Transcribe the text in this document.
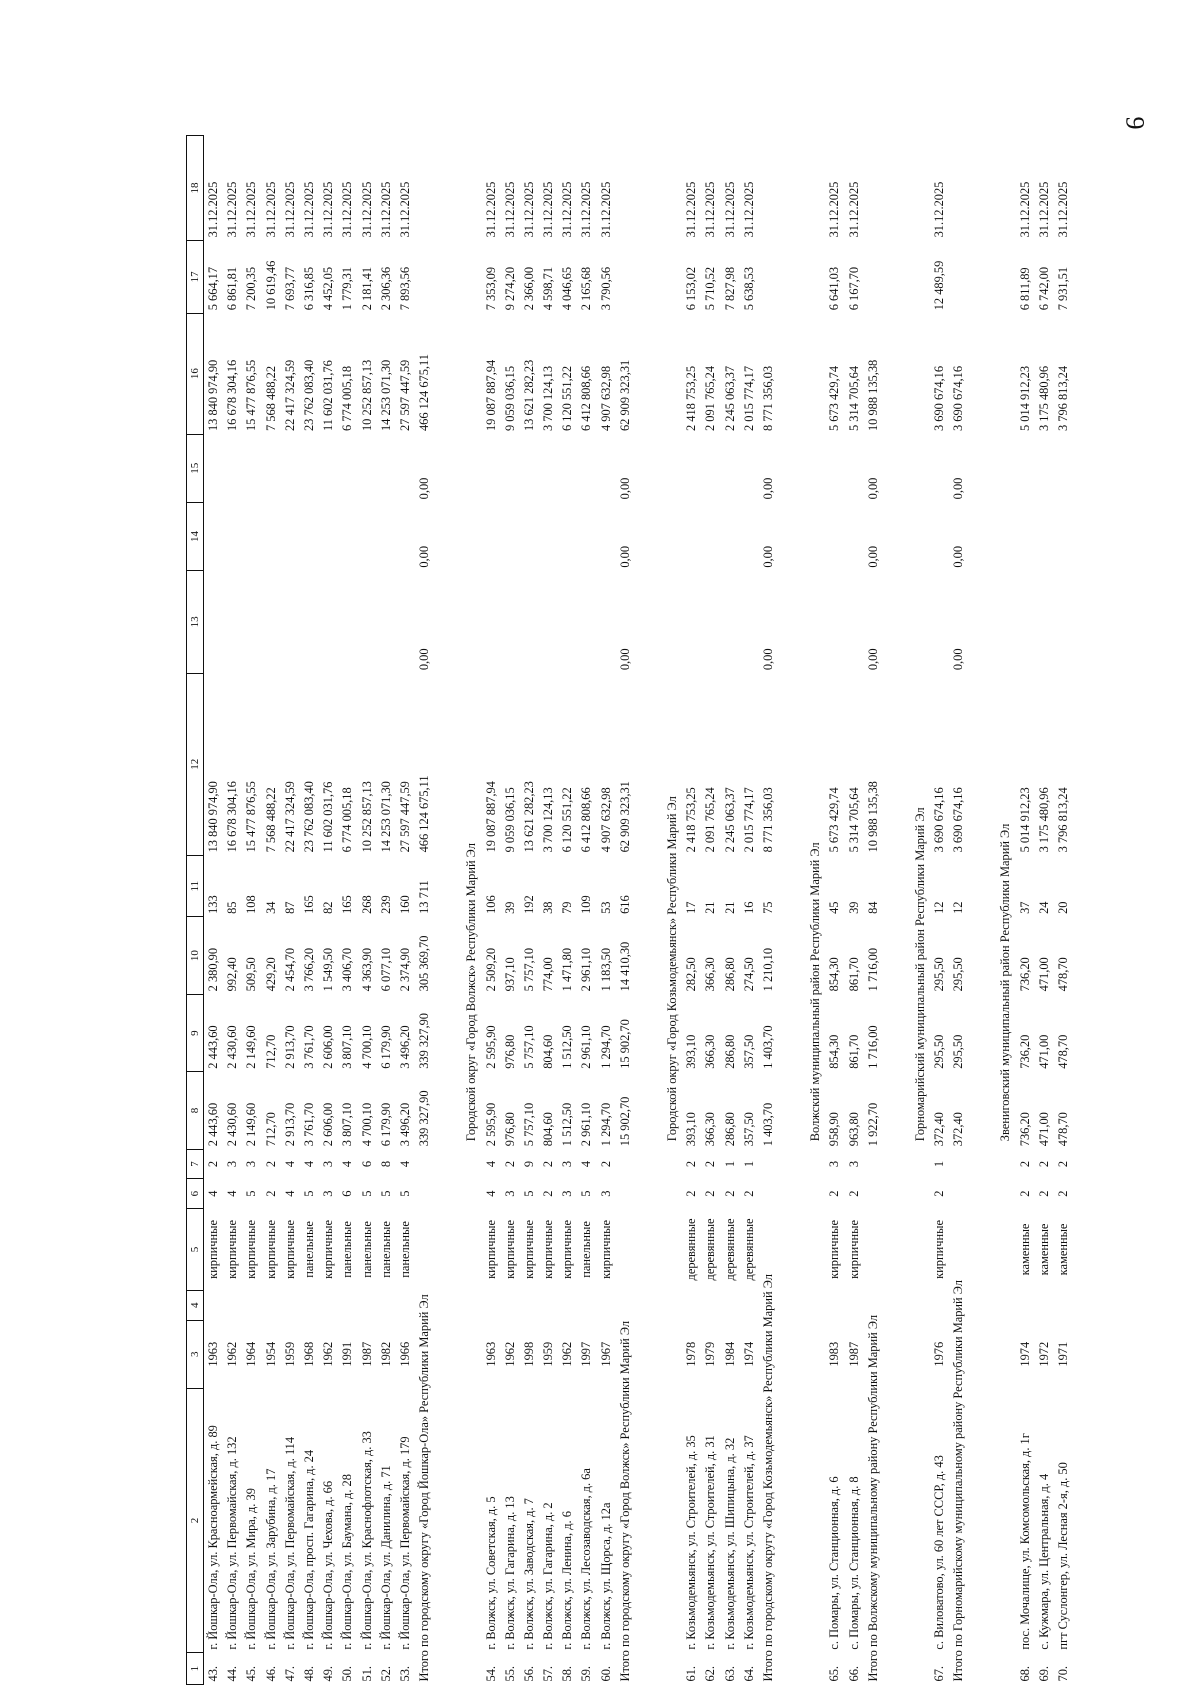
9
1	2	3	4	5	6	7	8	9	10	11	12	13	14	15	16	17	18
43.	г. Йошкар-Ола, ул. Красноармейская, д. 89	1963		кирпичные	4	2	2 443,60	2 443,60	2 380,90	133	13 840 974,90				13 840 974,90	5 664,17	31.12.2025
44.	г. Йошкар-Ола, ул. Первомайская, д. 132	1962		кирпичные	4	3	2 430,60	2 430,60	992,40	85	16 678 304,16				16 678 304,16	6 861,81	31.12.2025
45.	г. Йошкар-Ола, ул. Мира, д. 39	1964		кирпичные	5	3	2 149,60	2 149,60	509,50	108	15 477 876,55				15 477 876,55	7 200,35	31.12.2025
46.	г. Йошкар-Ола, ул. Зарубина, д. 17	1954		кирпичные	2	2	712,70	712,70	429,20	34	7 568 488,22				7 568 488,22	10 619,46	31.12.2025
47.	г. Йошкар-Ола, ул. Первомайская, д. 114	1959		кирпичные	4	4	2 913,70	2 913,70	2 454,70	87	22 417 324,59				22 417 324,59	7 693,77	31.12.2025
48.	г. Йошкар-Ола, просп. Гагарина, д. 24	1968		панельные	5	4	3 761,70	3 761,70	3 766,20	165	23 762 083,40				23 762 083,40	6 316,85	31.12.2025
49.	г. Йошкар-Ола, ул. Чехова, д. 66	1962		кирпичные	3	3	2 606,00	2 606,00	1 549,50	82	11 602 031,76				11 602 031,76	4 452,05	31.12.2025
50.	г. Йошкар-Ола, ул. Баумана, д. 28	1991		панельные	6	4	3 807,10	3 807,10	3 406,70	165	6 774 005,18				6 774 005,18	1 779,31	31.12.2025
51.	г. Йошкар-Ола, ул. Краснофлотская, д. 33	1987		панельные	5	6	4 700,10	4 700,10	4 363,90	268	10 252 857,13				10 252 857,13	2 181,41	31.12.2025
52.	г. Йошкар-Ола, ул. Данилина, д. 71	1982		панельные	5	8	6 179,90	6 179,90	6 077,10	239	14 253 071,30				14 253 071,30	2 306,36	31.12.2025
53.	г. Йошкар-Ола, ул. Первомайская, д. 179	1966		панельные	5	4	3 496,20	3 496,20	2 374,90	160	27 597 447,59				27 597 447,59	7 893,56	31.12.2025
Итого по городскому округу «Город Йошкар-Ола» Республики Марий Эл							339 327,90	339 327,90	305 369,70	13 711	466 124 675,11	0,00	0,00	0,00	466 124 675,11		

							Городской округ «Город Волжск» Республики Марий Эл										
54.	г. Волжск, ул. Советская, д. 5	1963		кирпичные	4	4	2 595,90	2 595,90	2 509,20	106	19 087 887,94				19 087 887,94	7 353,09	31.12.2025
55.	г. Волжск, ул. Гагарина, д. 13	1962		кирпичные	3	2	976,80	976,80	937,10	39	9 059 036,15				9 059 036,15	9 274,20	31.12.2025
56.	г. Волжск, ул. Заводская, д. 7	1998		кирпичные	5	9	5 757,10	5 757,10	5 757,10	192	13 621 282,23				13 621 282,23	2 366,00	31.12.2025
57.	г. Волжск, ул. Гагарина, д. 2	1959		кирпичные	2	2	804,60	804,60	774,00	38	3 700 124,13				3 700 124,13	4 598,71	31.12.2025
58.	г. Волжск, ул. Ленина, д. 6	1962		кирпичные	3	3	1 512,50	1 512,50	1 471,80	79	6 120 551,22				6 120 551,22	4 046,65	31.12.2025
59.	г. Волжск, ул. Лесозаводская, д. 6а	1997		панельные	5	4	2 961,10	2 961,10	2 961,10	109	6 412 808,66				6 412 808,66	2 165,68	31.12.2025
60.	г. Волжск, ул. Щорса, д. 12а	1967		кирпичные	3	2	1 294,70	1 294,70	1 183,50	53	4 907 632,98				4 907 632,98	3 790,56	31.12.2025
Итого по городскому округу «Город Волжск» Республики Марий Эл							15 902,70	15 902,70	14 410,30	616	62 909 323,31	0,00	0,00	0,00	62 909 323,31		

							Городской округ «Город Козьмодемьянск» Республики Марий Эл										
61.	г. Козьмодемьянск, ул. Строителей, д. 35	1978		деревянные	2	2	393,10	393,10	282,50	17	2 418 753,25				2 418 753,25	6 153,02	31.12.2025
62.	г. Козьмодемьянск, ул. Строителей, д. 31	1979		деревянные	2	2	366,30	366,30	366,30	21	2 091 765,24				2 091 765,24	5 710,52	31.12.2025
63.	г. Козьмодемьянск, ул. Шипицына, д. 32	1984		деревянные	2	1	286,80	286,80	286,80	21	2 245 063,37				2 245 063,37	7 827,98	31.12.2025
64.	г. Козьмодемьянск, ул. Строителей, д. 37	1974		деревянные	2	1	357,50	357,50	274,50	16	2 015 774,17				2 015 774,17	5 638,53	31.12.2025
Итого по городскому округу «Город Козьмодемьянск» Республики Марий Эл							1 403,70	1 403,70	1 210,10	75	8 771 356,03	0,00	0,00	0,00	8 771 356,03		

							Волжский муниципальный район Республики Марий Эл										
65.	с. Помары, ул. Станционная, д. 6	1983		кирпичные	2	3	958,90	854,30	854,30	45	5 673 429,74				5 673 429,74	6 641,03	31.12.2025
66.	с. Помары, ул. Станционная, д. 8	1987		кирпичные	2	3	963,80	861,70	861,70	39	5 314 705,64				5 314 705,64	6 167,70	31.12.2025
Итого по Волжскому муниципальному району Республики Марий Эл							1 922,70	1 716,00	1 716,00	84	10 988 135,38	0,00	0,00	0,00	10 988 135,38		

							Горномарийский муниципальный район Республики Марий Эл										
67.	с. Виловатово, ул. 60 лет СССР, д. 43	1976		кирпичные	2	1	372,40	295,50	295,50	12	3 690 674,16				3 690 674,16	12 489,59	31.12.2025
Итого по Горномарийскому муниципальному району Республики Марий Эл							372,40	295,50	295,50	12	3 690 674,16	0,00	0,00	0,00	3 690 674,16		

							Звениговский муниципальный район Республики Марий Эл										
68.	пос. Мочалище, ул. Комсомольская, д. 1г	1974		каменные	2	2	736,20	736,20	736,20	37	5 014 912,23				5 014 912,23	6 811,89	31.12.2025
69.	с. Кужмара, ул. Центральная, д. 4	1972		каменные	2	2	471,00	471,00	471,00	24	3 175 480,96				3 175 480,96	6 742,00	31.12.2025
70.	пгт Суслонгер, ул. Лесная 2-я, д. 50	1971		каменные	2	2	478,70	478,70	478,70	20	3 796 813,24				3 796 813,24	7 931,51	31.12.2025
